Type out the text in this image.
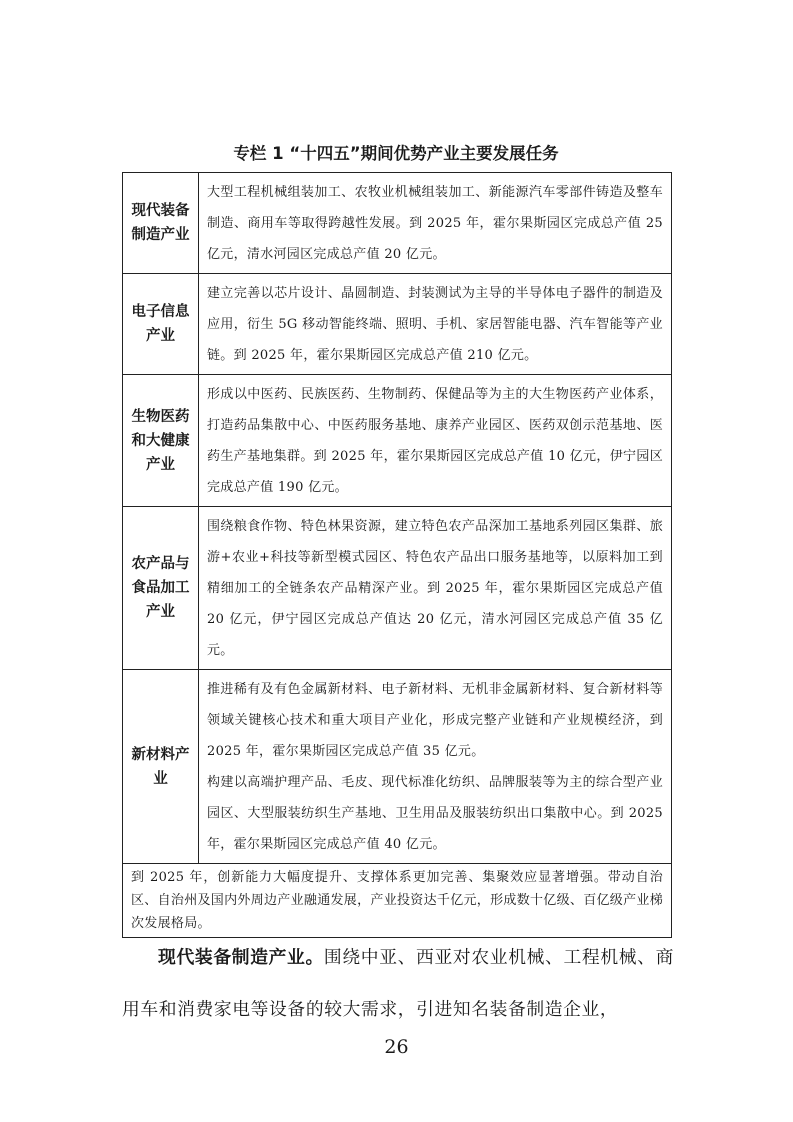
专栏 1 “十四五”期间优势产业主要发展任务
现代装备制造产业	大型工程机械组装加工、农牧业机械组装加工、新能源汽车零部件铸造及整车制造、商用车等取得跨越性发展。到 2025 年，霍尔果斯园区完成总产值 25 亿元，清水河园区完成总产值 20 亿元。

电子信息产业	建立完善以芯片设计、晶圆制造、封装测试为主导的半导体电子器件的制造及应用，衍生 5G 移动智能终端、照明、手机、家居智能电器、汽车智能等产业链。到 2025 年，霍尔果斯园区完成总产值 210 亿元。

生物医药和大健康产业	形成以中医药、民族医药、生物制药、保健品等为主的大生物医药产业体系，打造药品集散中心、中医药服务基地、康养产业园区、医药双创示范基地、医药生产基地集群。到 2025 年，霍尔果斯园区完成总产值 10 亿元，伊宁园区完成总产值 190 亿元。

农产品与食品加工产业	围绕粮食作物、特色林果资源，建立特色农产品深加工基地系列园区集群、旅游+农业+科技等新型模式园区、特色农产品出口服务基地等，以原料加工到精细加工的全链条农产品精深产业。到 2025 年，霍尔果斯园区完成总产值 20 亿元，伊宁园区完成总产值达 20 亿元，清水河园区完成总产值 35 亿元。

新材料产业	推进稀有及有色金属新材料、电子新材料、无机非金属新材料、复合新材料等领域关键核心技术和重大项目产业化，形成完整产业链和产业规模经济，到 2025 年，霍尔果斯园区完成总产值 35 亿元。

构建以高端护理产品、毛皮、现代标准化纺织、品牌服装等为主的综合型产业园区、大型服装纺织生产基地、卫生用品及服装纺织出口集散中心。到 2025 年，霍尔果斯园区完成总产值 40 亿元。

到 2025 年，创新能力大幅度提升、支撑体系更加完善、集聚效应显著增强。带动自治区、自治州及国内外周边产业融通发展，产业投资达千亿元，形成数十亿级、百亿级产业梯次发展格局。	
现代装备制造产业。围绕中亚、西亚对农业机械、工程机械、商用车和消费家电等设备的较大需求，引进知名装备制造企业，
26
